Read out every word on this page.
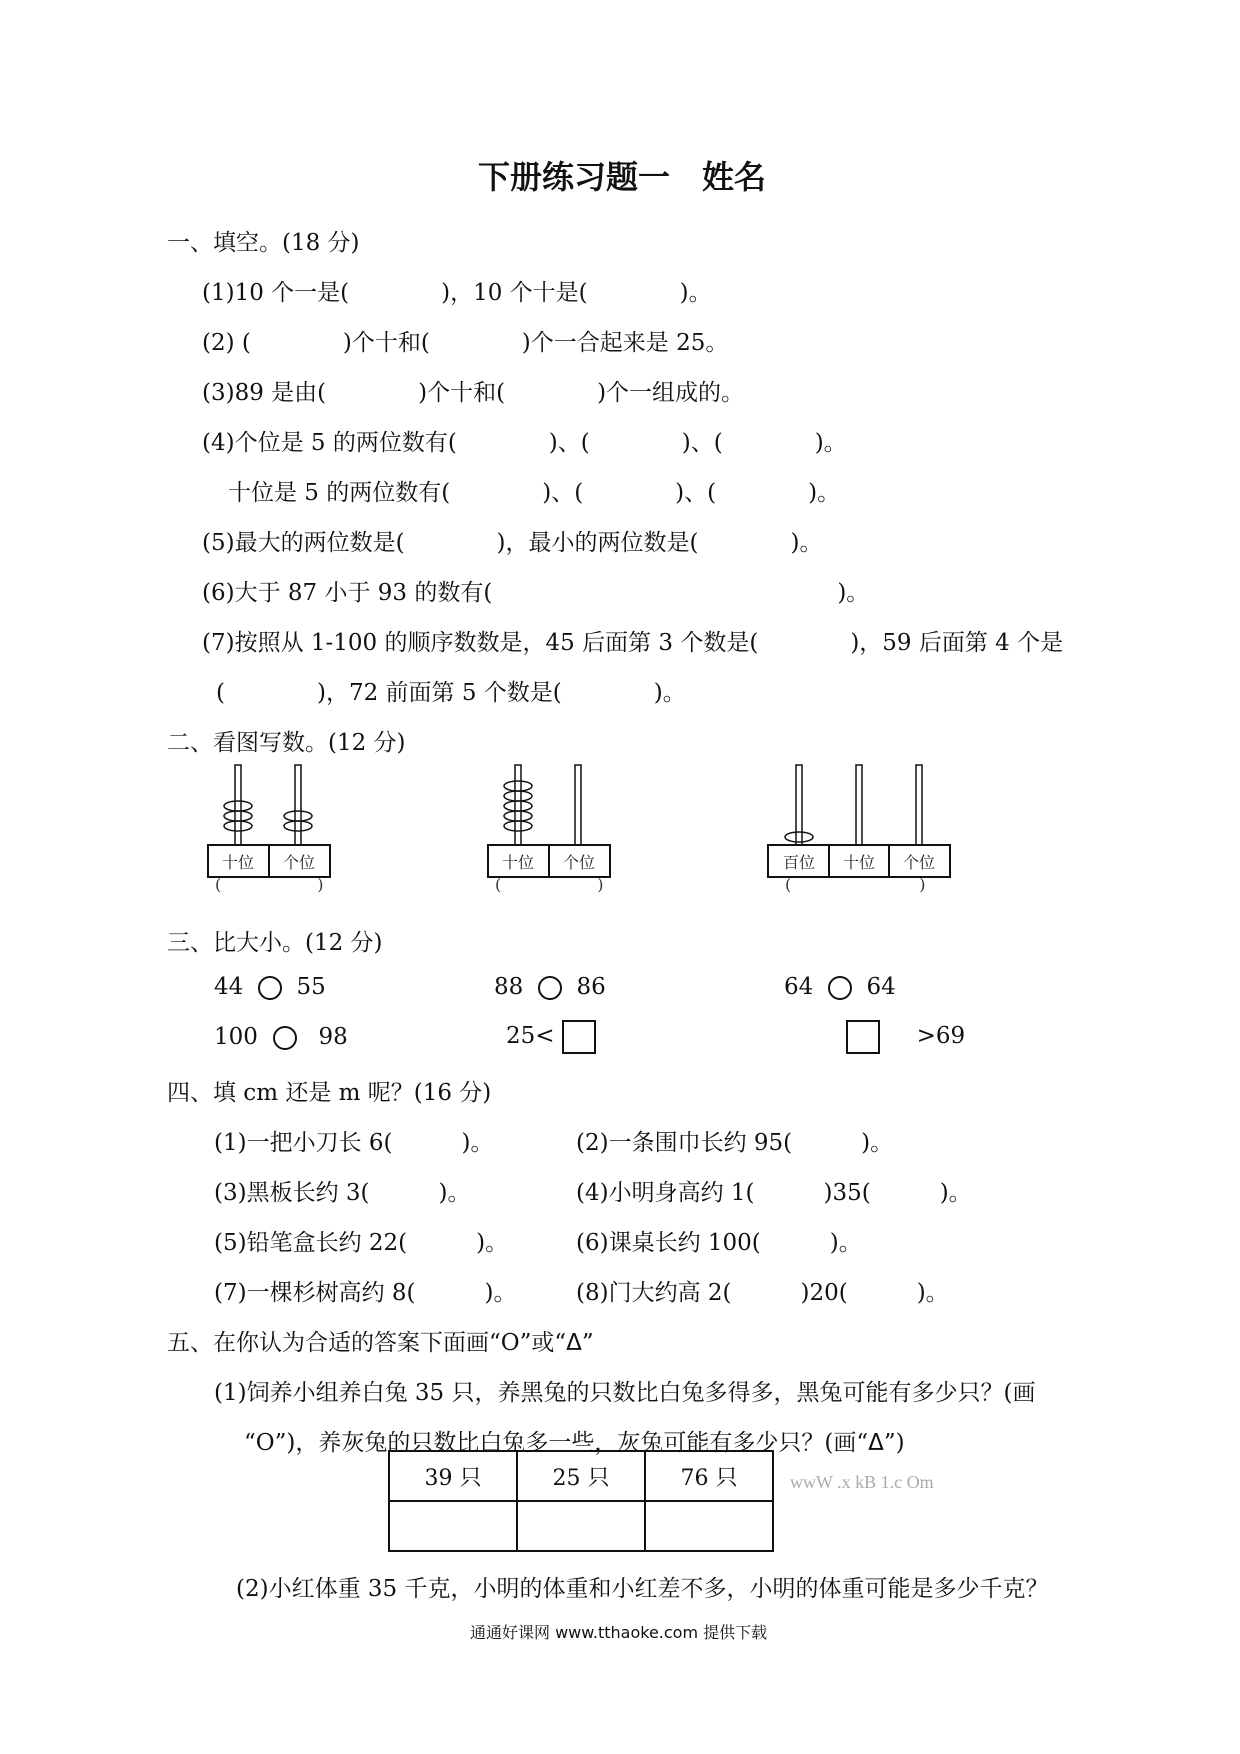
下册练习题一　姓名
一、填空。(18 分)
(1)10 个一是(　　　　)，10 个十是(　　　　)。
(2) (　　　　)个十和(　　　　)个一合起来是 25。
(3)89 是由(　　　　)个十和(　　　　)个一组成的。
(4)个位是 5 的两位数有(　　　　)、(　　　　)、(　　　　)。
十位是 5 的两位数有(　　　　)、(　　　　)、(　　　　)。
(5)最大的两位数是(　　　　)，最小的两位数是(　　　　)。
(6)大于 87 小于 93 的数有(　　　　　　　　　　　　　　　)。
(7)按照从 1-100 的顺序数数是，45 后面第 3 个数是(　　　　)，59 后面第 4 个是
(　　　　)，72 前面第 5 个数是(　　　　)。
二、看图写数。(12 分)
十位 个位
(　　　　　　)
十位 个位
(　　　　　　)
百位 十位 个位
(　　　　　　　　)
三、比大小。(12 分)
44 55	88 86	64 64
100	98	25<	>69
四、填 cm 还是 m 呢？(16 分)
(1)一把小刀长 6(　　　)。	(2)一条围巾长约 95(　　　)。
(3)黑板长约 3(　　　)。	(4)小明身高约 1(　　　)35(　　　)。
(5)铅笔盒长约 22(　　　)。	(6)课桌长约 100(　　　)。
(7)一棵杉树高约 8(　　　)。	(8)门大约高 2(　　　)20(　　　)。
五、在你认为合适的答案下面画“O”或“Δ”
(1)饲养小组养白兔 35 只，养黑兔的只数比白兔多得多，黑兔可能有多少只？(画
“O”)，养灰兔的只数比白兔多一些，灰兔可能有多少只？(画“Δ”)
39 只	25 只	76 只
			wwW .x kB 1.c Om
(2)小红体重 35 千克，小明的体重和小红差不多，小明的体重可能是多少千克？
通通好课网 www.tthaoke.com 提供下载
